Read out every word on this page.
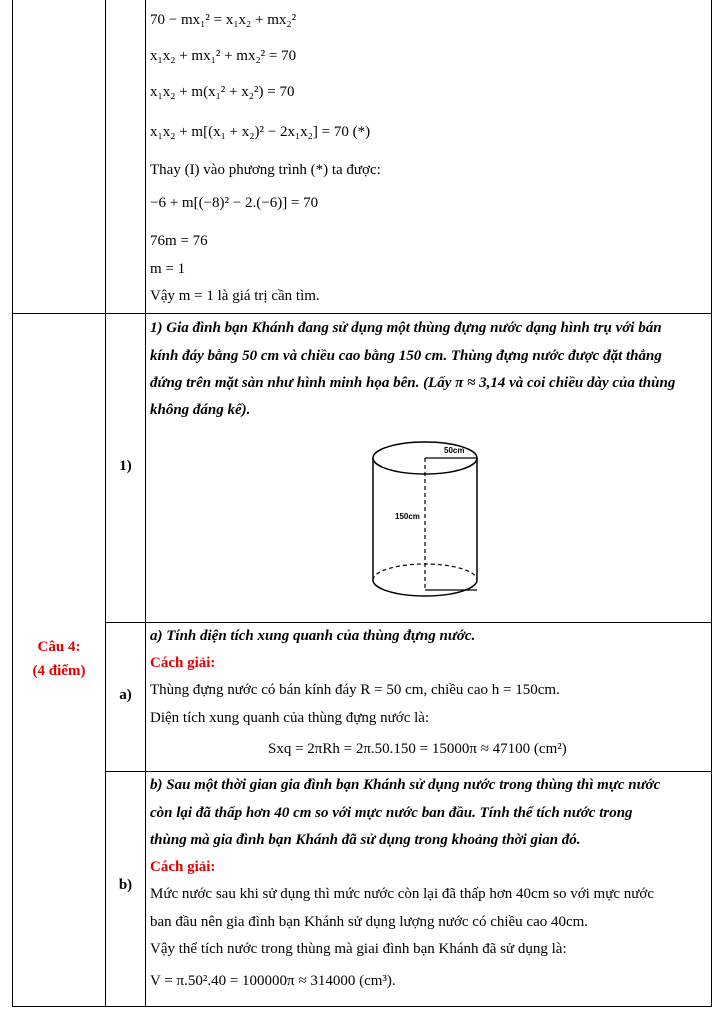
70 − mx₁² = x₁x₂ + mx₂²
x₁x₂ + mx₁² + mx₂² = 70
x₁x₂ + m(x₁² + x₂²) = 70
x₁x₂ + m[(x₁ + x₂)² − 2x₁x₂] = 70 (*)
Thay (I) vào phương trình (*) ta được:
−6 + m[(−8)² − 2.(−6)] = 70
76m = 76
m = 1
Vậy m = 1 là giá trị cần tìm.
Câu 4:
(4 điểm)
1)
1) Gia đình bạn Khánh đang sử dụng một thùng đựng nước dạng hình trụ với bán
kính đáy bằng 50 cm và chiều cao bằng 150 cm. Thùng đựng nước được đặt thẳng
đứng trên mặt sàn như hình minh họa bên. (Lấy π ≈ 3,14 và coi chiều dày của thùng
không đáng kể).
50cm
150cm
a)
a) Tính diện tích xung quanh của thùng đựng nước.
Cách giải:
Thùng đựng nước có bán kính đáy R = 50 cm, chiều cao h = 150cm.
Diện tích xung quanh của thùng đựng nước là:
Sxq = 2πRh = 2π.50.150 = 15000π ≈ 47100 (cm²)
b)
b) Sau một thời gian gia đình bạn Khánh sử dụng nước trong thùng thì mực nước
còn lại đã thấp hơn 40 cm so với mực nước ban đầu. Tính thể tích nước trong
thùng mà gia đình bạn Khánh đã sử dụng trong khoảng thời gian đó.
Cách giải:
Mức nước sau khi sử dụng thì mức nước còn lại đã thấp hơn 40cm so với mực nước
ban đầu nên gia đình bạn Khánh sử dụng lượng nước có chiều cao 40cm.
Vậy thể tích nước trong thùng mà giai đình bạn Khánh đã sử dụng là:
V = π.50².40 = 100000π ≈ 314000 (cm³).
